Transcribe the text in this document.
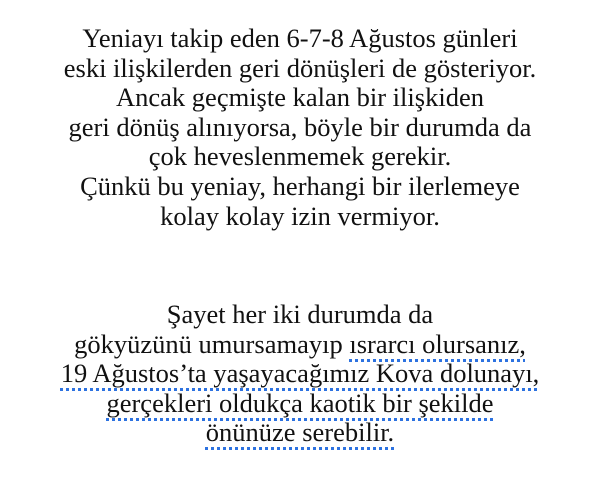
Yeniayı takip eden 6-7-8 Ağustos günleri
eski ilişkilerden geri dönüşleri de gösteriyor.
Ancak geçmişte kalan bir ilişkiden
geri dönüş alınıyorsa, böyle bir durumda da
çok heveslenmemek gerekir.
Çünkü bu yeniay, herhangi bir ilerlemeye
kolay kolay izin vermiyor.
Şayet her iki durumda da
gökyüzünü umursamayıp ısrarcı olursanız,
19 Ağustos’ta yaşayacağımız Kova dolunayı,
gerçekleri oldukça kaotik bir şekilde
önünüze serebilir.
